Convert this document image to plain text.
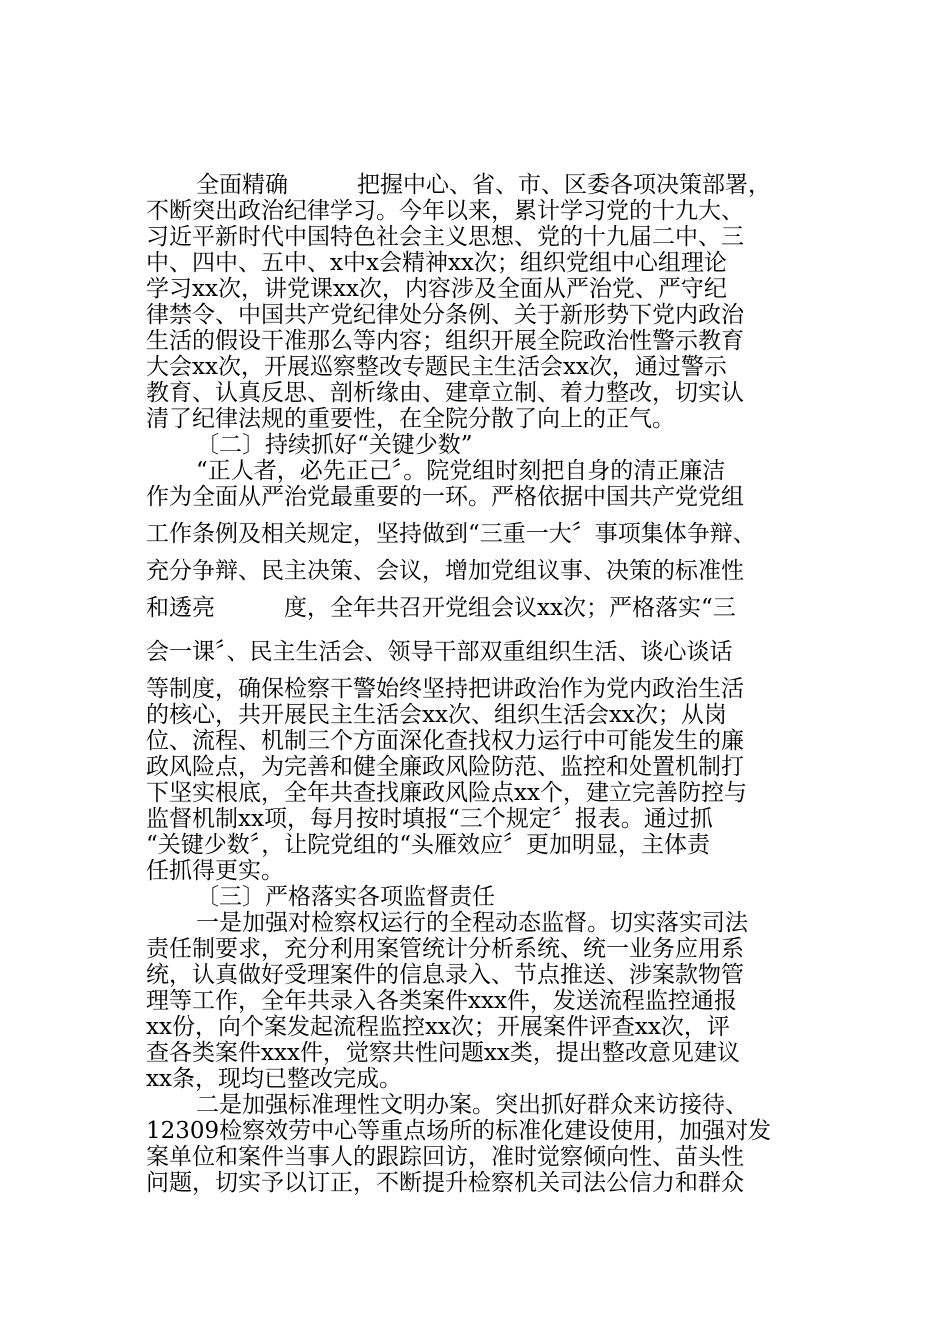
全面精确　　　把握中心、省、市、区委各项决策部署，
不断突出政治纪律学习。今年以来，累计学习党的十九大、
习近平新时代中国特色社会主义思想、党的十九届二中、三
中、四中、五中、x中x会精神xx次；组织党组中心组理论
学习xx次，讲党课xx次，内容涉及全面从严治党、严守纪
律禁令、中国共产党纪律处分条例、关于新形势下党内政治
生活的假设干准那么等内容；组织开展全院政治性警示教育
大会xx次，开展巡察整改专题民主生活会xx次，通过警示
教育、认真反思、剖析缘由、建章立制、着力整改，切实认
清了纪律法规的重要性，在全院分散了向上的正气。
〔二〕持续抓好“关键少数”
“正人者，必先正己〞。院党组时刻把自身的清正廉洁
作为全面从严治党最重要的一环。严格依据中国共产党党组
工作条例及相关规定，坚持做到“三重一大〞事项集体争辩、
充分争辩、民主决策、会议，增加党组议事、决策的标准性
和透亮　　　度，全年共召开党组会议xx次；严格落实“三
会一课〞、民主生活会、领导干部双重组织生活、谈心谈话
等制度，确保检察干警始终坚持把讲政治作为党内政治生活
的核心，共开展民主生活会xx次、组织生活会xx次；从岗
位、流程、机制三个方面深化查找权力运行中可能发生的廉
政风险点，为完善和健全廉政风险防范、监控和处置机制打
下坚实根底，全年共查找廉政风险点xx个，建立完善防控与
监督机制xx项，每月按时填报“三个规定〞报表。通过抓
“关键少数〞，让院党组的“头雁效应〞更加明显，主体责
任抓得更实。
〔三〕严格落实各项监督责任
一是加强对检察权运行的全程动态监督。切实落实司法
责任制要求，充分利用案管统计分析系统、统一业务应用系
统，认真做好受理案件的信息录入、节点推送、涉案款物管
理等工作，全年共录入各类案件xxx件，发送流程监控通报
xx份，向个案发起流程监控xx次；开展案件评查xx次，评
查各类案件xxx件，觉察共性问题xx类，提出整改意见建议
xx条，现均已整改完成。
二是加强标准理性文明办案。突出抓好群众来访接待、
12309检察效劳中心等重点场所的标准化建设使用，加强对发
案单位和案件当事人的跟踪回访，准时觉察倾向性、苗头性
问题，切实予以订正，不断提升检察机关司法公信力和群众
